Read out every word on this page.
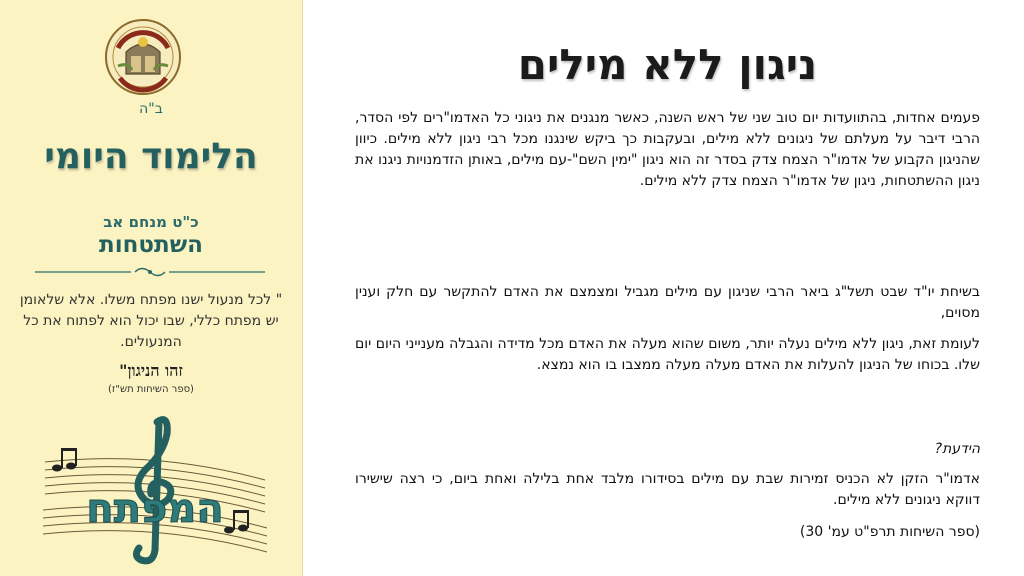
ב"ה
הלימוד היומי
כ"ט מנחם אב
השתטחות
" לכל מנעול ישנו מפתח משלו. אלא שלאומן יש מפתח כללי, שבו יכול הוא לפתוח את כל המנעולים.
זהו הניגון"
(ספר השיחות תש"ז)
המפתח
ניגון ללא מילים
פעמים אחדות, בהתוועדות יום טוב שני של ראש השנה, כאשר מנגנים את ניגוני כל האדמו"רים לפי הסדר, הרבי דיבר על מעלתם של ניגונים ללא מילים, ובעקבות כך ביקש שינגנו מכל רבי ניגון ללא מילים. כיוון שהניגון הקבוע של אדמו"ר הצמח צדק בסדר זה הוא ניגון "ימין השם"-עם מילים, באותן הזדמנויות ניגנו את ניגון ההשתטחות, ניגון של אדמו"ר הצמח צדק ללא מילים.
בשיחת יו"ד שבט תשל"ג ביאר הרבי שניגון עם מילים מגביל ומצמצם את האדם להתקשר עם חלק וענין מסוים,
לעומת זאת, ניגון ללא מילים נעלה יותר, משום שהוא מעלה את האדם מכל מדידה והגבלה מענייני היום יום שלו. בכוחו של הניגון להעלות את האדם מעלה מעלה ממצבו בו הוא נמצא.
הידעת?
אדמו"ר הזקן לא הכניס זמירות שבת עם מילים בסידורו מלבד אחת בלילה ואחת ביום, כי רצה שישירו דווקא ניגונים ללא מילים.
(ספר השיחות תרפ"ט עמ' 30)
